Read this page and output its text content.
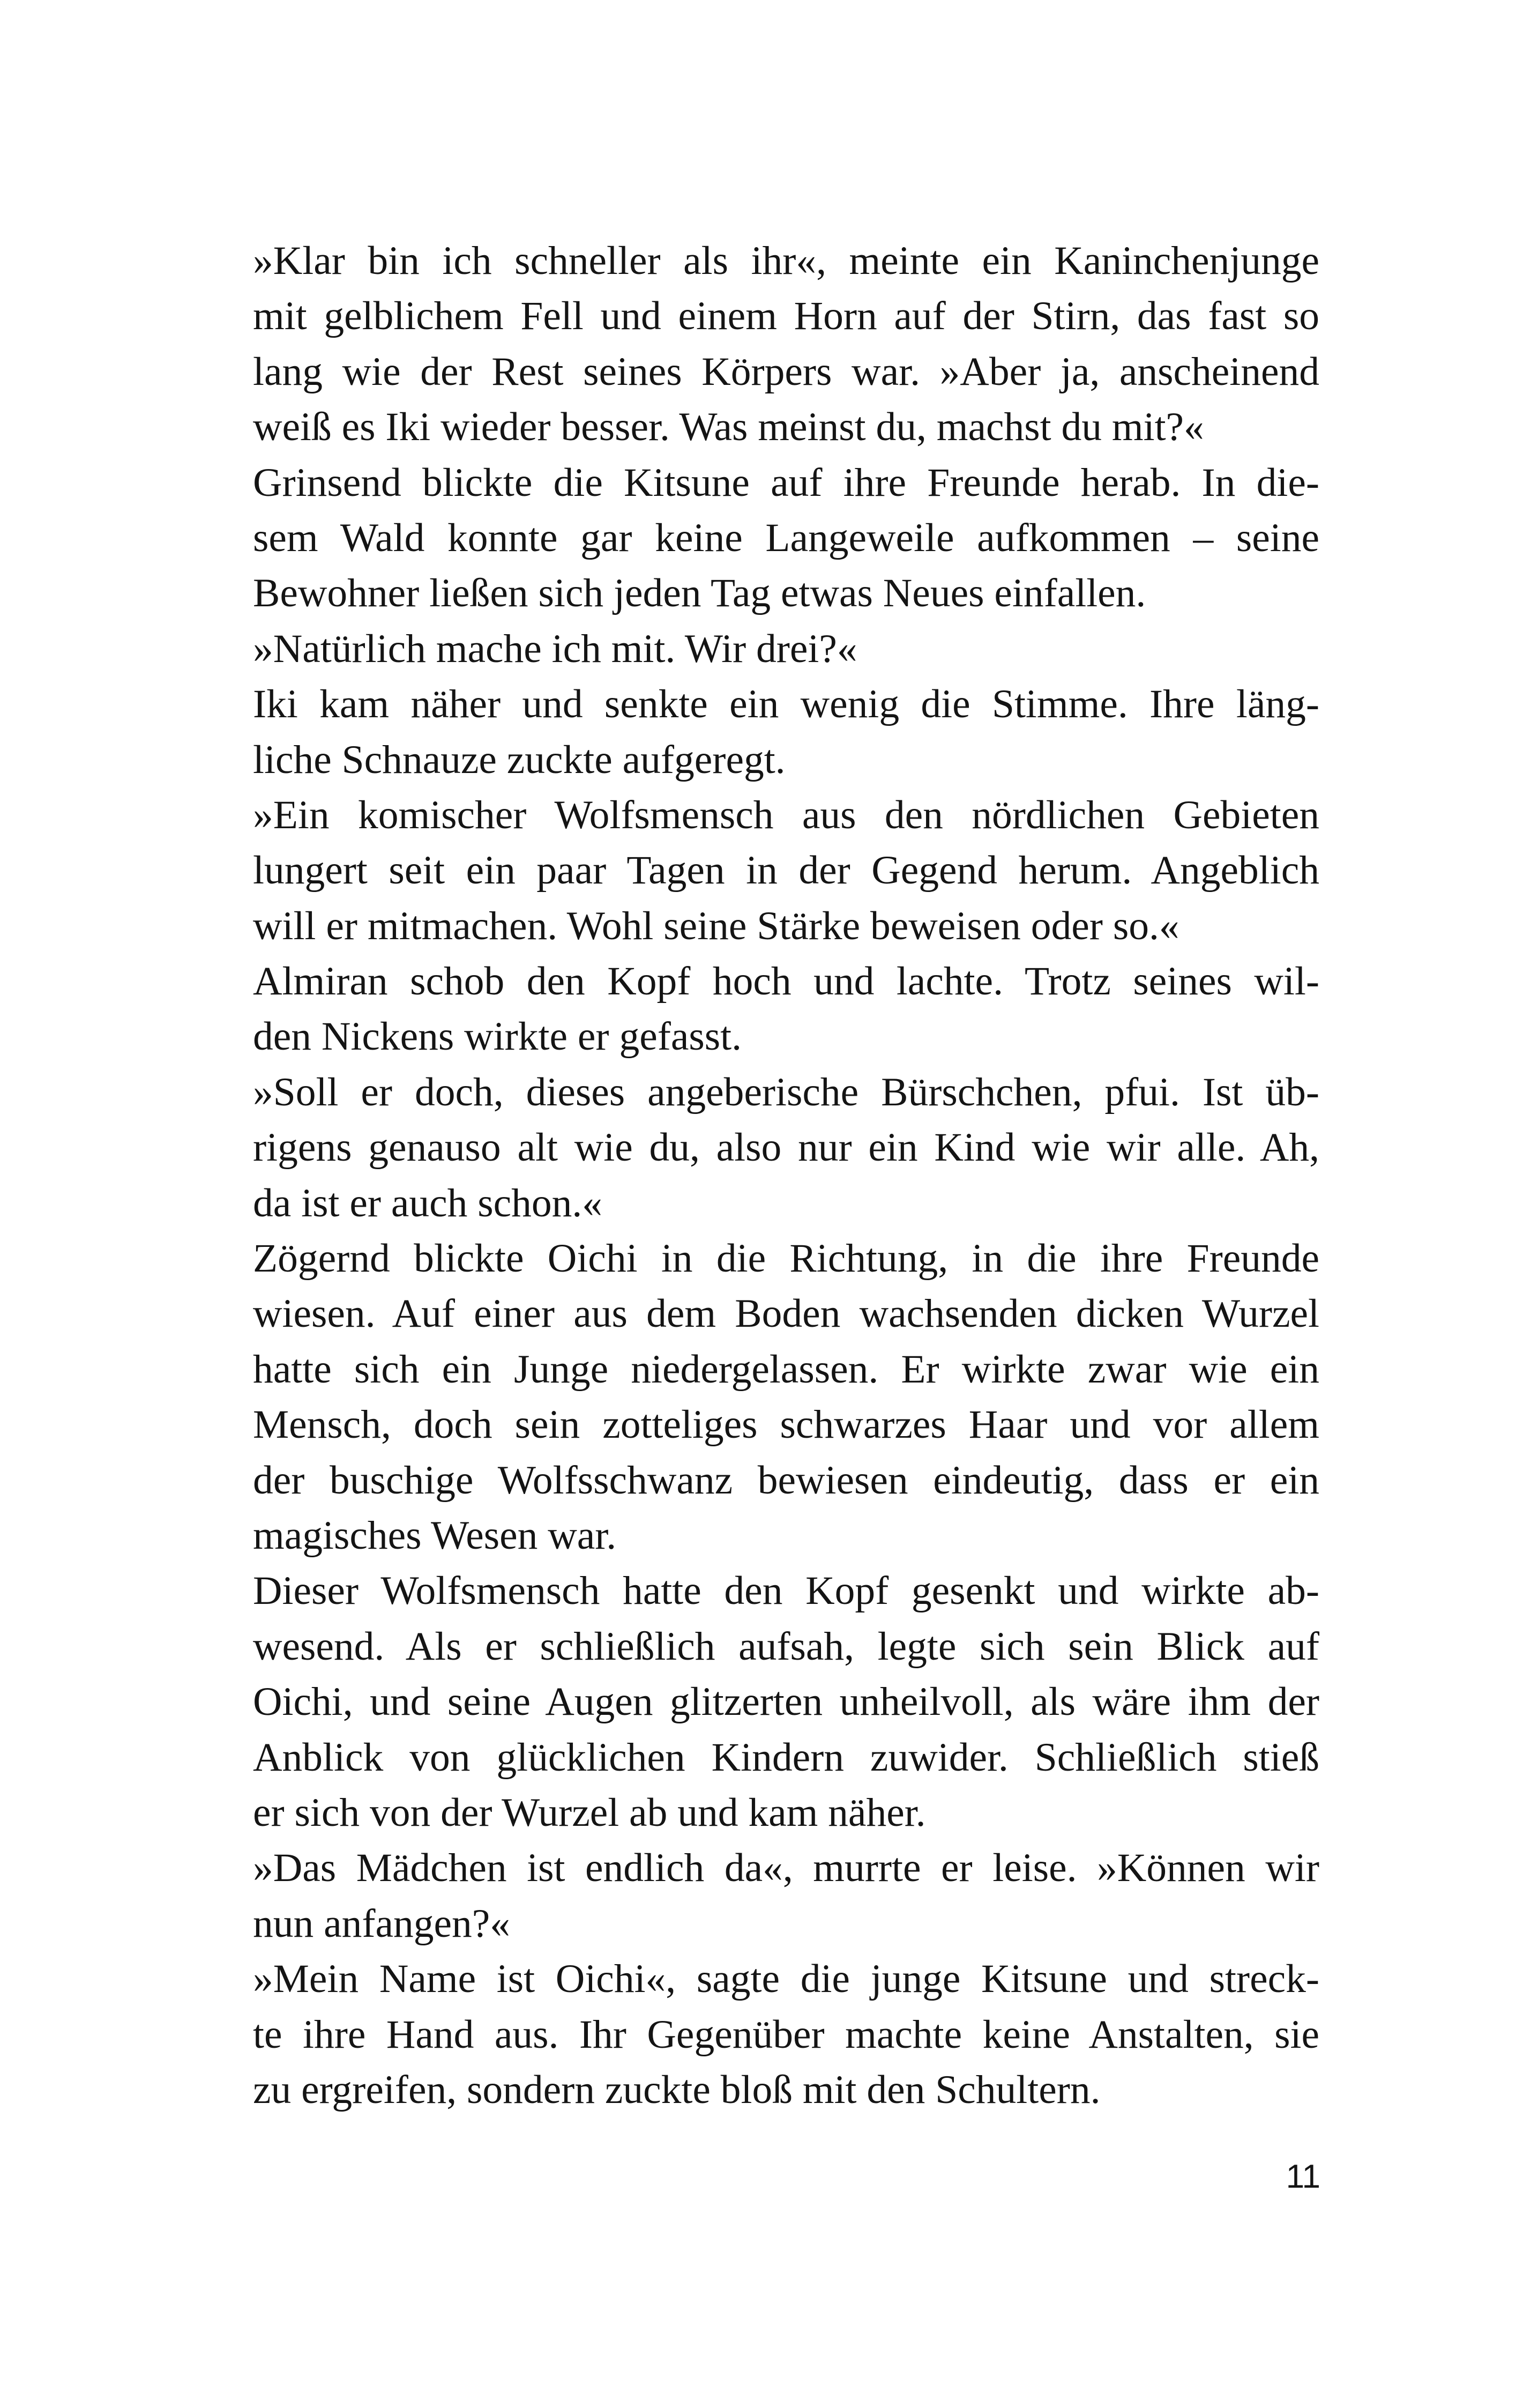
»Klar bin ich schneller als ihr«, meinte ein Kaninchenjunge
mit gelblichem Fell und einem Horn auf der Stirn, das fast so
lang wie der Rest seines Körpers war. »Aber ja, anscheinend
weiß es Iki wieder besser. Was meinst du, machst du mit?«
Grinsend blickte die Kitsune auf ihre Freunde herab. In die-
sem Wald konnte gar keine Langeweile aufkommen – seine
Bewohner ließen sich jeden Tag etwas Neues einfallen.
»Natürlich mache ich mit. Wir drei?«
Iki kam näher und senkte ein wenig die Stimme. Ihre läng-
liche Schnauze zuckte aufgeregt.
»Ein komischer Wolfsmensch aus den nördlichen Gebieten
lungert seit ein paar Tagen in der Gegend herum. Angeblich
will er mitmachen. Wohl seine Stärke beweisen oder so.«
Almiran schob den Kopf hoch und lachte. Trotz seines wil-
den Nickens wirkte er gefasst.
»Soll er doch, dieses angeberische Bürschchen, pfui. Ist üb-
rigens genauso alt wie du, also nur ein Kind wie wir alle. Ah,
da ist er auch schon.«
Zögernd blickte Oichi in die Richtung, in die ihre Freunde
wiesen. Auf einer aus dem Boden wachsenden dicken Wurzel
hatte sich ein Junge niedergelassen. Er wirkte zwar wie ein
Mensch, doch sein zotteliges schwarzes Haar und vor allem
der buschige Wolfsschwanz bewiesen eindeutig, dass er ein
magisches Wesen war.
Dieser Wolfsmensch hatte den Kopf gesenkt und wirkte ab-
wesend. Als er schließlich aufsah, legte sich sein Blick auf
Oichi, und seine Augen glitzerten unheilvoll, als wäre ihm der
Anblick von glücklichen Kindern zuwider. Schließlich stieß
er sich von der Wurzel ab und kam näher.
»Das Mädchen ist endlich da«, murrte er leise. »Können wir
nun anfangen?«
»Mein Name ist Oichi«, sagte die junge Kitsune und streck-
te ihre Hand aus. Ihr Gegenüber machte keine Anstalten, sie
zu ergreifen, sondern zuckte bloß mit den Schultern.
11
